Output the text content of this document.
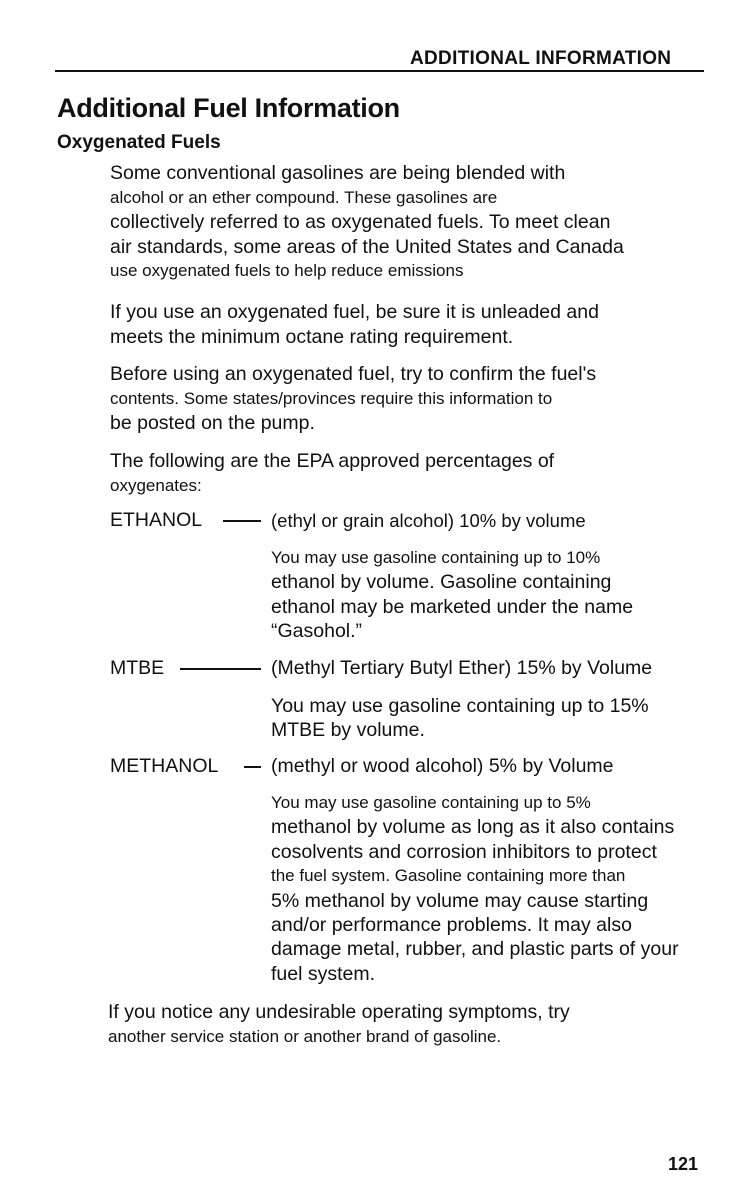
ADDITIONAL INFORMATION
Additional Fuel Information
Oxygenated Fuels
Some conventional gasolines are being blended with
alcohol or an ether compound. These gasolines are
collectively referred to as oxygenated fuels. To meet clean
air standards, some areas of the United States and Canada
use oxygenated fuels to help reduce emissions
If you use an oxygenated fuel, be sure it is unleaded and
meets the minimum octane rating requirement.
Before using an oxygenated fuel, try to confirm the fuel's
contents. Some states/provinces require this information to
be posted on the pump.
The following are the EPA approved percentages of
oxygenates:
ETHANOL	(ethyl or grain alcohol) 10% by volume
You may use gasoline containing up to 10%
ethanol by volume. Gasoline containing
ethanol may be marketed under the name
“Gasohol.”
MTBE	(Methyl Tertiary Butyl Ether) 15% by Volume
You may use gasoline containing up to 15%
MTBE by volume.
METHANOL	(methyl or wood alcohol) 5% by Volume
You may use gasoline containing up to 5%
methanol by volume as long as it also contains
cosolvents and corrosion inhibitors to protect
the fuel system. Gasoline containing more than
5% methanol by volume may cause starting
and/or performance problems. It may also
damage metal, rubber, and plastic parts of your
fuel system.
If you notice any undesirable operating symptoms, try
another service station or another brand of gasoline.
121
